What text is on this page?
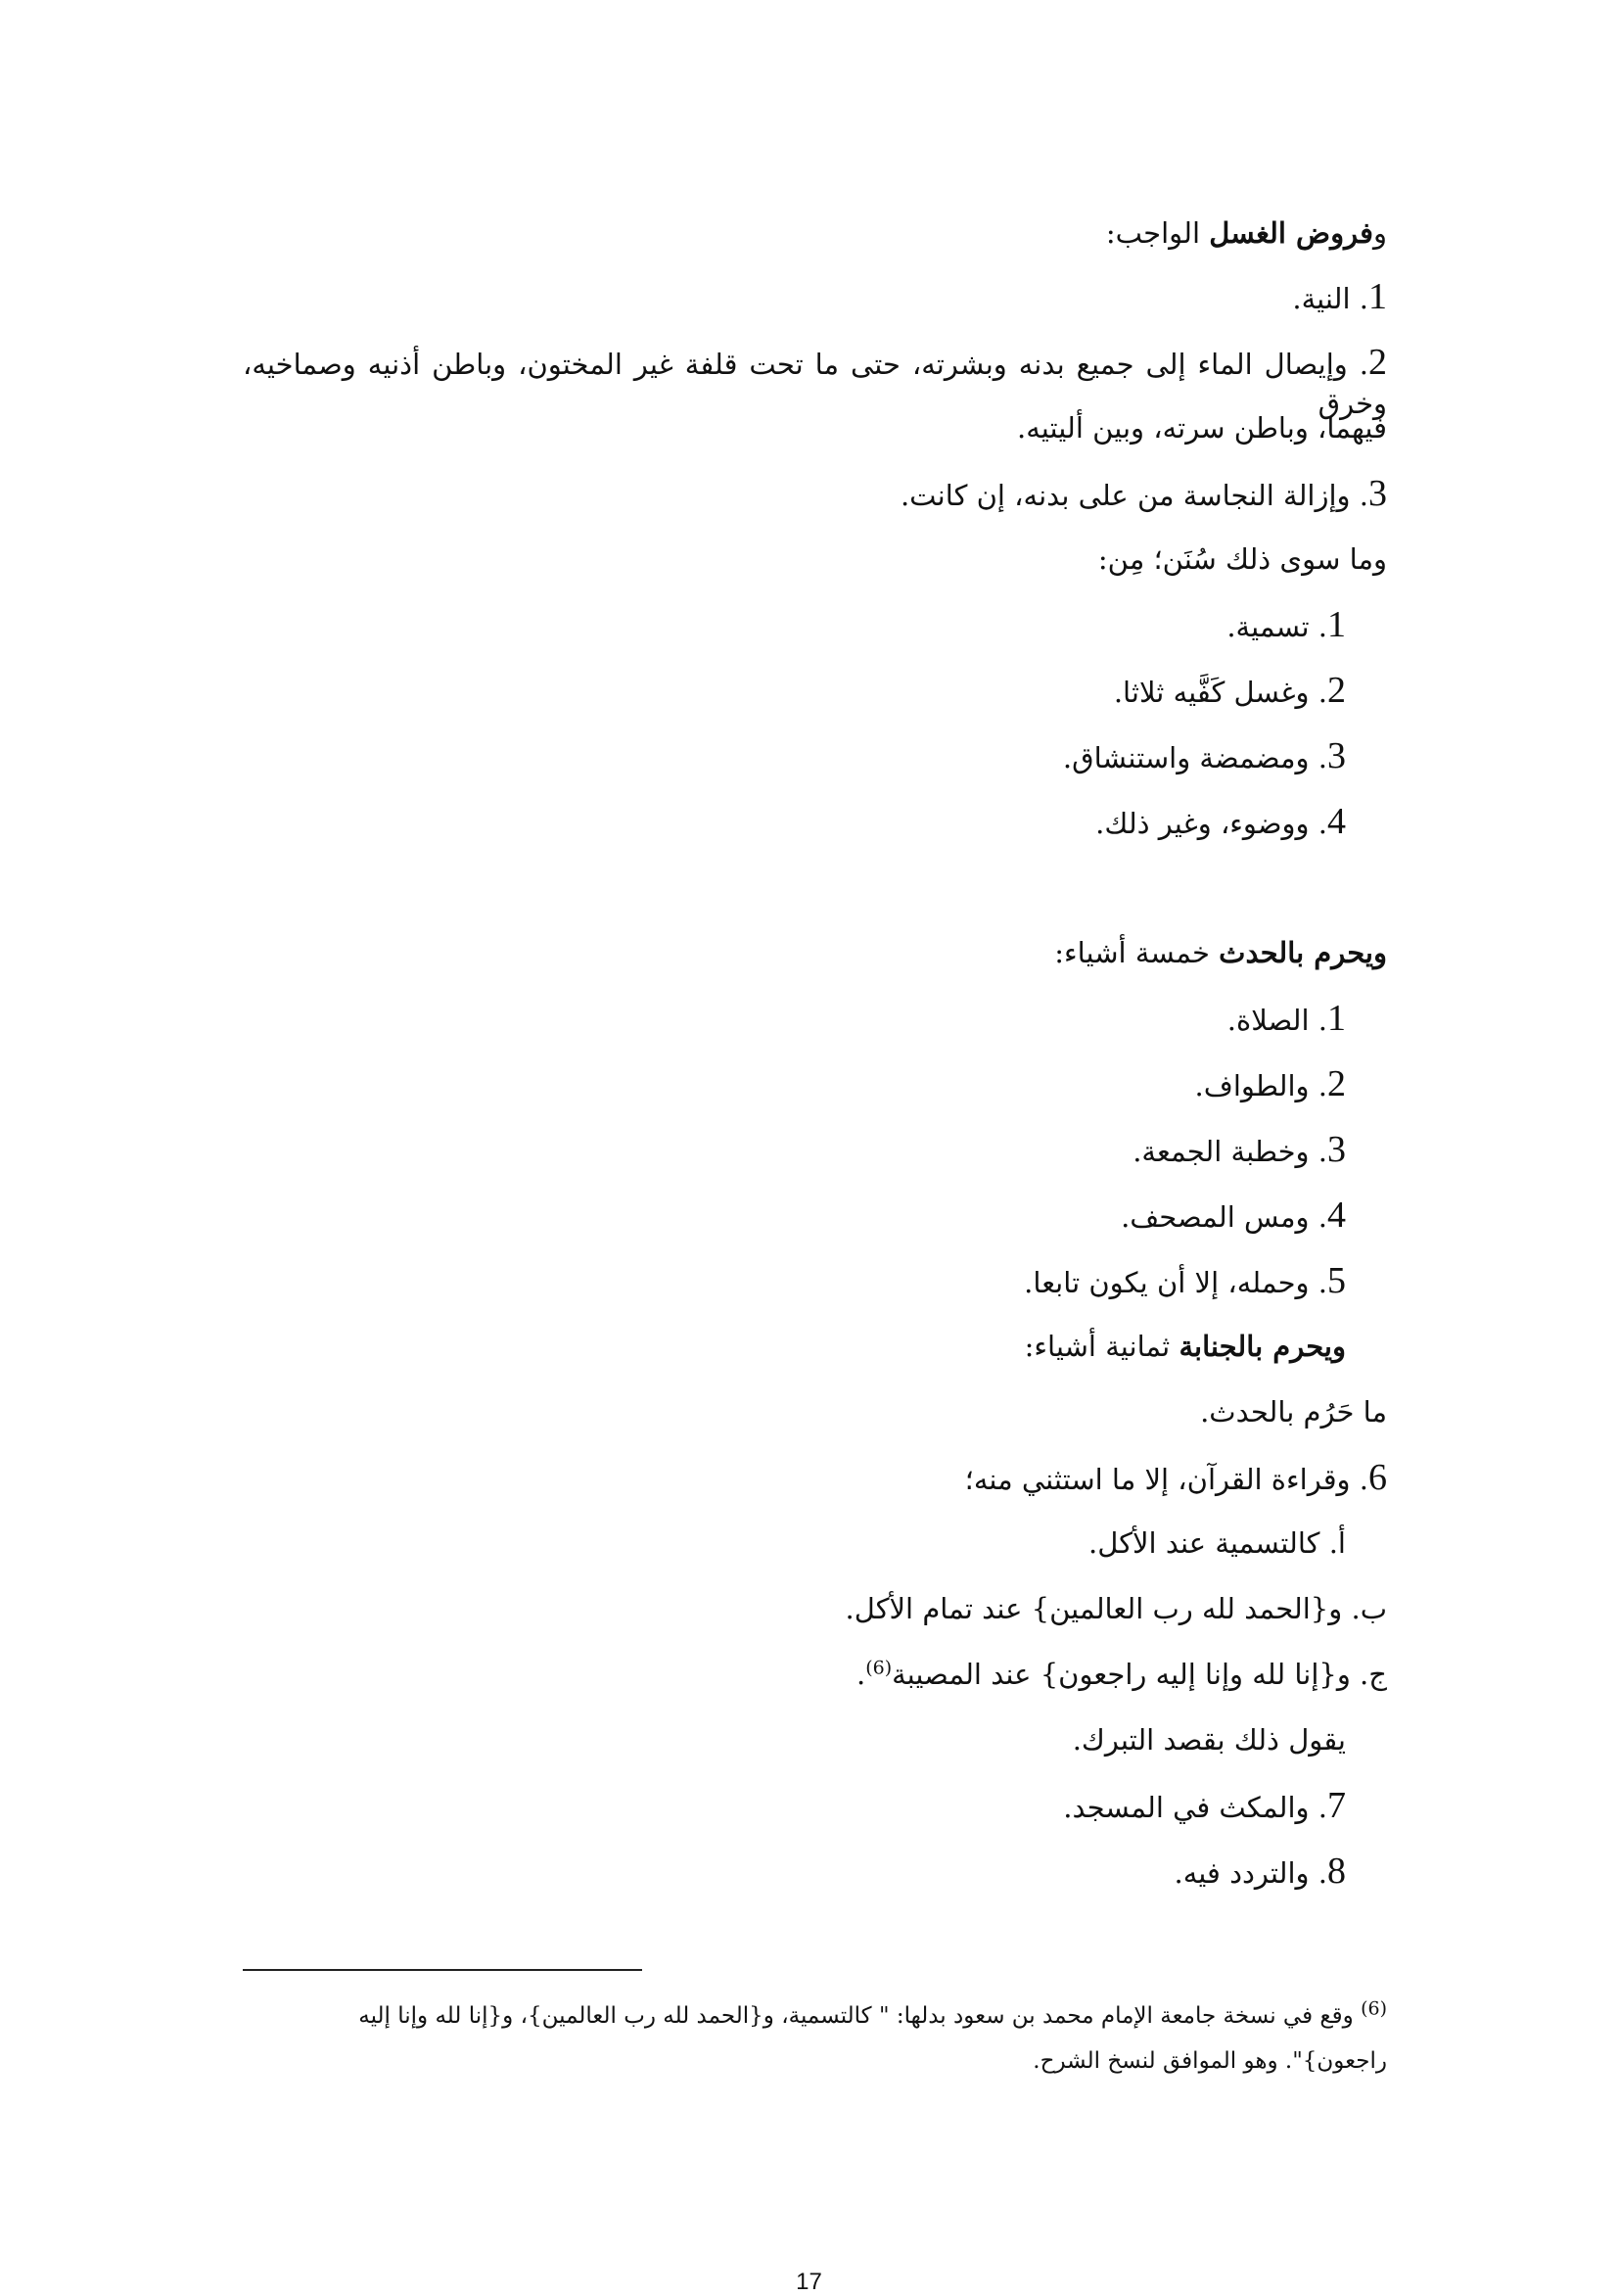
وفروض الغسل الواجب:
1. النية.
2. وإيصال الماء إلى جميع بدنه وبشرته، حتى ما تحت قلفة غير المختون، وباطن أذنيه وصماخيه، وخرق
فيهما، وباطن سرته، وبين أليتيه.
3. وإزالة النجاسة من على بدنه، إن كانت.
وما سوى ذلك سُنَن؛ مِن:
1. تسمية.
2. وغسل كَفَّيه ثلاثا.
3. ومضمضة واستنشاق.
4. ووضوء، وغير ذلك.
ويحرم بالحدث خمسة أشياء:
1. الصلاة.
2. والطواف.
3. وخطبة الجمعة.
4. ومس المصحف.
5. وحمله، إلا أن يكون تابعا.
ويحرم بالجنابة ثمانية أشياء:
ما حَرُم بالحدث.
6. وقراءة القرآن، إلا ما استثني منه؛
أ. كالتسمية عند الأكل.
ب. و{الحمد لله رب العالمين} عند تمام الأكل.
ج. و{إنا لله وإنا إليه راجعون} عند المصيبة$^{(6)}$.
يقول ذلك بقصد التبرك.
7. والمكث في المسجد.
8. والتردد فيه.
$^{(6)}$ وقع في نسخة جامعة الإمام محمد بن سعود بدلها: " كالتسمية، و{الحمد لله رب العالمين}، و{إنا لله وإنا إليه
راجعون}". وهو الموافق لنسخ الشرح.
17
